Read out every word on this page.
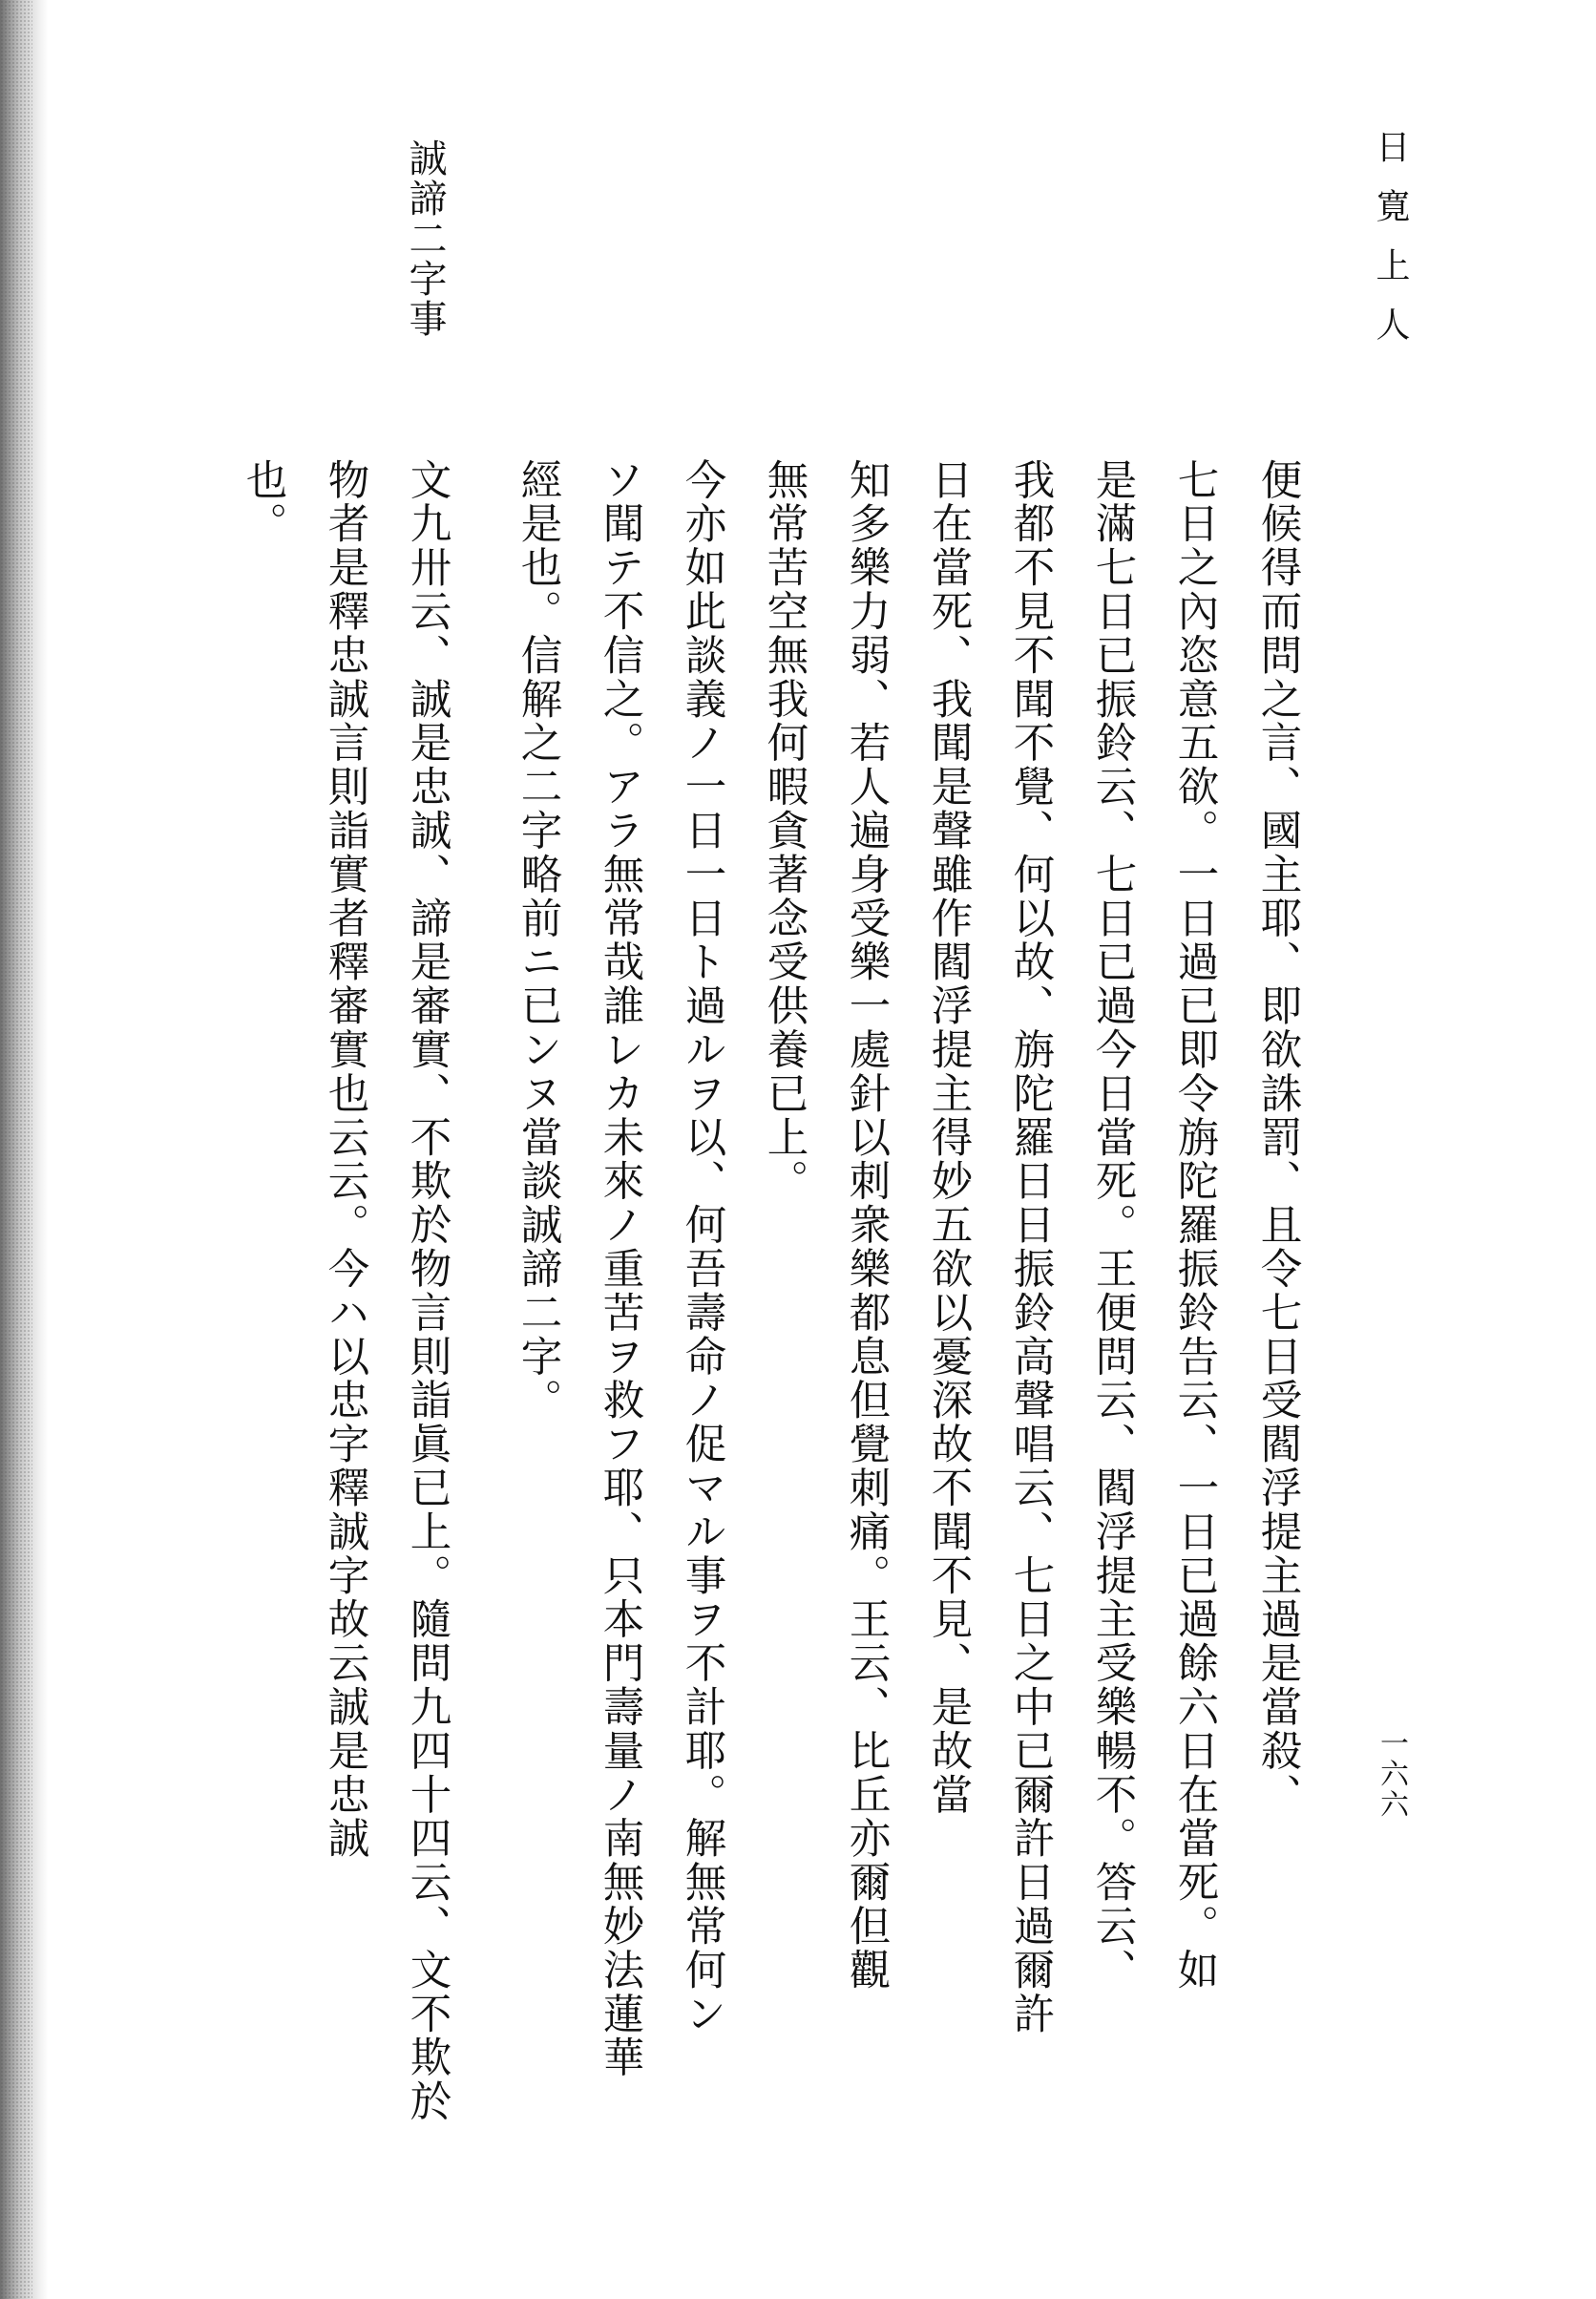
日寛上人
一六六
誠諦二字事
便候得而問之言、國主耶、即欲誅罰、且令七日受閻浮提主過是當殺、
七日之內恣意五欲。一日過已即令旃陀羅振鈴告云、一日已過餘六日在當死。如
是滿七日已振鈴云、七日已過今日當死。王便問云、閻浮提主受樂暢不。答云、
我都不見不聞不覺、何以故、旃陀羅日日振鈴高聲唱云、七日之中已爾許日過爾許
日在當死、我聞是聲雖作閻浮提主得妙五欲以憂深故不聞不見、是故當
知多樂力弱、若人遍身受樂一處針以刺衆樂都息但覺刺痛。王云、比丘亦爾但觀
無常苦空無我何暇貪著念受供養已上。
今亦如此談義ノ一日一日ト過ルヲ以、何吾壽命ノ促マル事ヲ不計耶。解無常何ン
ソ聞テ不信之。アラ無常哉誰レカ未來ノ重苦ヲ救フ耶、只本門壽量ノ南無妙法蓮華
經是也。信解之二字略前ニ已ンヌ當談誠諦二字。
文九卅云、誠是忠誠、諦是審實、不欺於物言則詣眞已上。隨問九四十四云、文不欺於
物者是釋忠誠言則詣實者釋審實也云云。今ハ以忠字釋誠字故云誠是忠誠
也。
